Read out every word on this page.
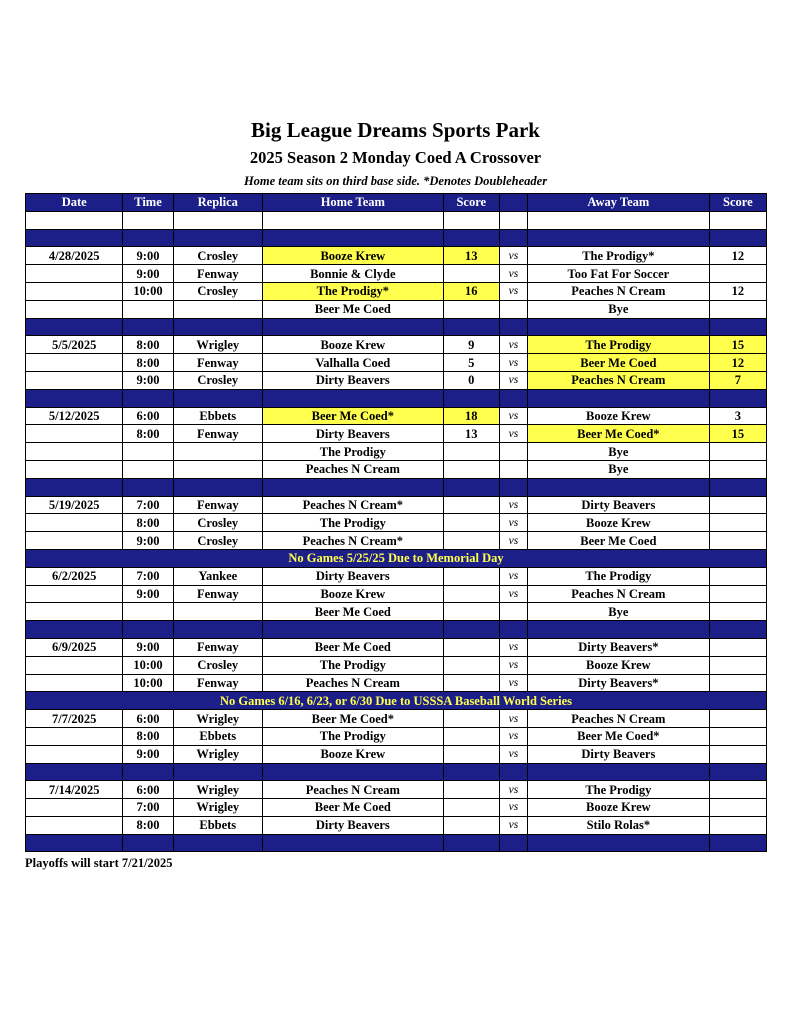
Big League Dreams Sports Park
2025 Season 2 Monday Coed A Crossover
Home team sits on third base side. *Denotes Doubleheader
Date	Time	Replica	Home Team	Score		Away Team	Score

4/28/2025	9:00	Crosley	Booze Krew	13	vs	The Prodigy*	12
	9:00	Fenway	Bonnie & Clyde		vs	Too Fat For Soccer	
	10:00	Crosley	The Prodigy*	16	vs	Peaches N Cream	12
			Beer Me Coed			Bye	

5/5/2025	8:00	Wrigley	Booze Krew	9	vs	The Prodigy	15
	8:00	Fenway	Valhalla Coed	5	vs	Beer Me Coed	12
	9:00	Crosley	Dirty Beavers	0	vs	Peaches N Cream	7

5/12/2025	6:00	Ebbets	Beer Me Coed*	18	vs	Booze Krew	3
	8:00	Fenway	Dirty Beavers	13	vs	Beer Me Coed*	15
			The Prodigy			Bye	
			Peaches N Cream			Bye	

5/19/2025	7:00	Fenway	Peaches N Cream*		vs	Dirty Beavers	
	8:00	Crosley	The Prodigy		vs	Booze Krew	
	9:00	Crosley	Peaches N Cream*		vs	Beer Me Coed	
No Games 5/25/25 Due to Memorial Day							
6/2/2025	7:00	Yankee	Dirty Beavers		vs	The Prodigy	
	9:00	Fenway	Booze Krew		vs	Peaches N Cream	
			Beer Me Coed			Bye	

6/9/2025	9:00	Fenway	Beer Me Coed		vs	Dirty Beavers*	
	10:00	Crosley	The Prodigy		vs	Booze Krew	
	10:00	Fenway	Peaches N Cream		vs	Dirty Beavers*	
No Games 6/16, 6/23, or 6/30 Due to USSSA Baseball World Series							
7/7/2025	6:00	Wrigley	Beer Me Coed*		vs	Peaches N Cream	
	8:00	Ebbets	The Prodigy		vs	Beer Me Coed*	
	9:00	Wrigley	Booze Krew		vs	Dirty Beavers	

7/14/2025	6:00	Wrigley	Peaches N Cream		vs	The Prodigy	
	7:00	Wrigley	Beer Me Coed		vs	Booze Krew	
	8:00	Ebbets	Dirty Beavers		vs	Stilo Rolas*	

Playoffs will start 7/21/2025
